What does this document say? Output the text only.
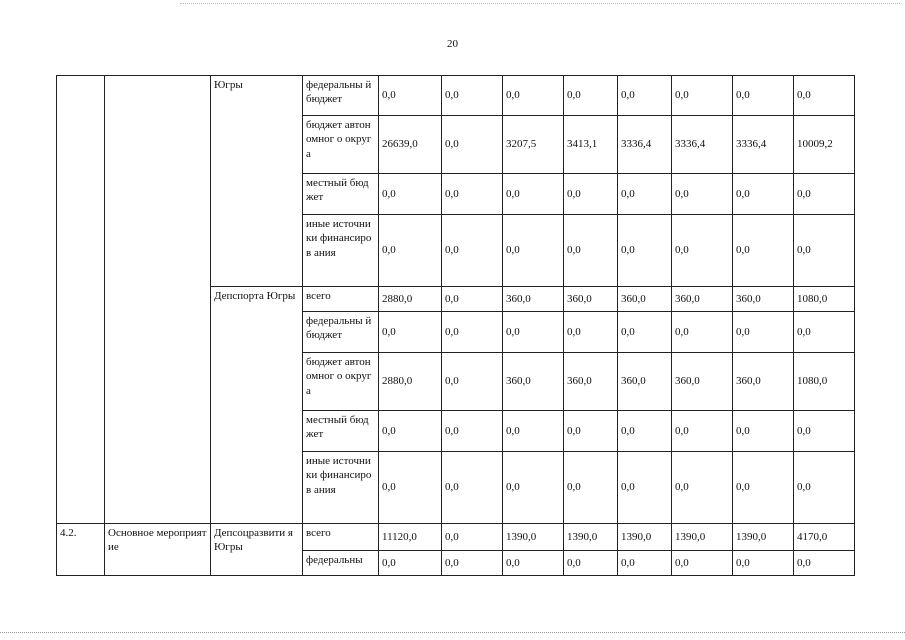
20
		Югры	федеральны й бюджет	0,0	0,0	0,0	0,0	0,0	0,0	0,0	0,0
			бюджет автономног о округа	26639,0	0,0	3207,5	3413,1	3336,4	3336,4	3336,4	10009,2
			местный бюджет	0,0	0,0	0,0	0,0	0,0	0,0	0,0	0,0
			иные источники финансиров ания	0,0	0,0	0,0	0,0	0,0	0,0	0,0	0,0
		Депспорта Югры	всего	2880,0	0,0	360,0	360,0	360,0	360,0	360,0	1080,0
			федеральны й бюджет	0,0	0,0	0,0	0,0	0,0	0,0	0,0	0,0
			бюджет автономног о округа	2880,0	0,0	360,0	360,0	360,0	360,0	360,0	1080,0
			местный бюджет	0,0	0,0	0,0	0,0	0,0	0,0	0,0	0,0
			иные источники финансиров ания	0,0	0,0	0,0	0,0	0,0	0,0	0,0	0,0
4.2.	Основное мероприятие	Депсоцразвити я Югры	всего	11120,0	0,0	1390,0	1390,0	1390,0	1390,0	1390,0	4170,0
			федеральны	0,0	0,0	0,0	0,0	0,0	0,0	0,0	0,0
